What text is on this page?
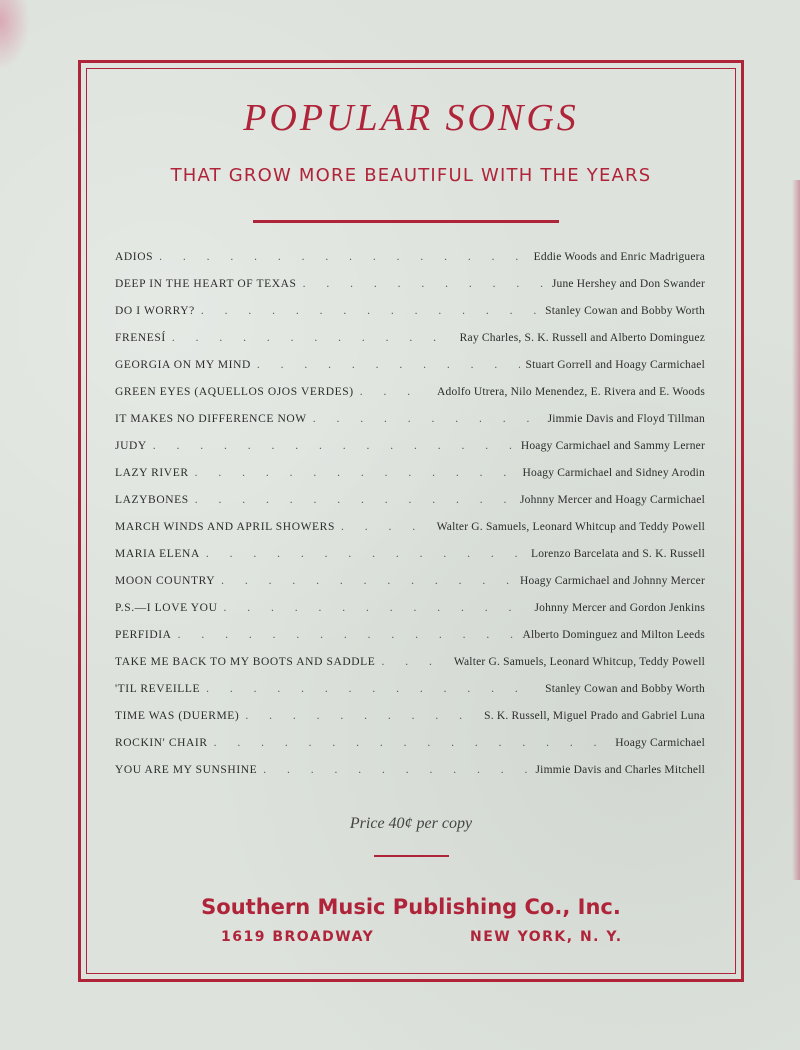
POPULAR SONGS
THAT GROW MORE BEAUTIFUL WITH THE YEARS
ADIOS . . .	Eddie Woods and Enric Madriguera
DEEP IN THE HEART OF TEXAS . . .	June Hershey and Don Swander
DO I WORRY? . . .	Stanley Cowan and Bobby Worth
FRENESÍ . . .	Ray Charles, S. K. Russell and Alberto Dominguez
GEORGIA ON MY MIND . . .	Stuart Gorrell and Hoagy Carmichael
GREEN EYES (AQUELLOS OJOS VERDES) . . .	Adolfo Utrera, Nilo Menendez, E. Rivera and E. Woods
IT MAKES NO DIFFERENCE NOW . . .	Jimmie Davis and Floyd Tillman
JUDY . . .	Hoagy Carmichael and Sammy Lerner
LAZY RIVER . . .	Hoagy Carmichael and Sidney Arodin
LAZYBONES . . .	Johnny Mercer and Hoagy Carmichael
MARCH WINDS AND APRIL SHOWERS . . .	Walter G. Samuels, Leonard Whitcup and Teddy Powell
MARIA ELENA . . .	Lorenzo Barcelata and S. K. Russell
MOON COUNTRY . . .	Hoagy Carmichael and Johnny Mercer
P.S.—I LOVE YOU . . .	Johnny Mercer and Gordon Jenkins
PERFIDIA . . .	Alberto Dominguez and Milton Leeds
TAKE ME BACK TO MY BOOTS AND SADDLE . . .	Walter G. Samuels, Leonard Whitcup, Teddy Powell
'TIL REVEILLE . . .	Stanley Cowan and Bobby Worth
TIME WAS (DUERME) . . .	S. K. Russell, Miguel Prado and Gabriel Luna
ROCKIN' CHAIR . . .	Hoagy Carmichael
YOU ARE MY SUNSHINE . . .	Jimmie Davis and Charles Mitchell
Price 40¢ per copy
Southern Music Publishing Co., Inc.
1619 BROADWAY	NEW YORK, N. Y.
